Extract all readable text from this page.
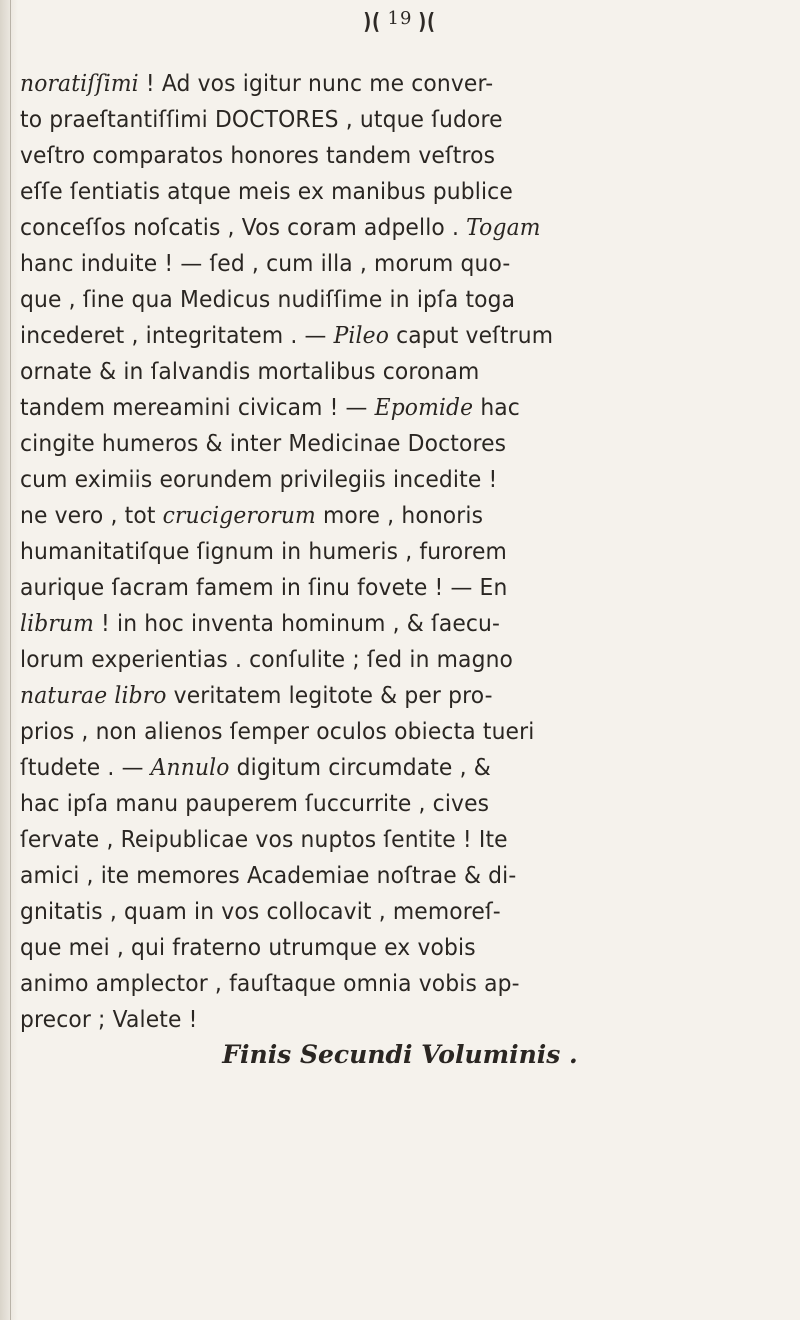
)( 19 )(
noratiſſimi ! Ad vos igitur nunc me conver-
to praeſtantiſſimi DOCTORES , utque ſudore
veſtro comparatos honores tandem veſtros
eſſe ſentiatis atque meis ex manibus publice
conceſſos noſcatis , Vos coram adpello . Togam
hanc induite ! — ſed , cum illa , morum quo-
que , ſine qua Medicus nudiſſime in ipſa toga
incederet , integritatem . — Pileo caput veſtrum
ornate & in ſalvandis mortalibus coronam
tandem mereamini civicam ! — Epomide hac
cingite humeros & inter Medicinae Doctores
cum eximiis eorundem privilegiis incedite !
ne vero , tot crucigerorum more , honoris
humanitatiſque ſignum in humeris , furorem
aurique ſacram famem in ſinu fovete ! — En
librum ! in hoc inventa hominum , & ſaecu-
lorum experientias . conſulite ; ſed in magno
naturae libro veritatem legitote & per pro-
prios , non alienos ſemper oculos obiecta tueri
ſtudete . — Annulo digitum circumdate , &
hac ipſa manu pauperem ſuccurrite , cives
ſervate , Reipublicae vos nuptos ſentite ! Ite
amici , ite memores Academiae noſtrae & di-
gnitatis , quam in vos collocavit , memoreſ-
que mei , qui fraterno utrumque ex vobis
animo amplector , fauſtaque omnia vobis ap-
precor ; Valete !
Finis Secundi Voluminis .
